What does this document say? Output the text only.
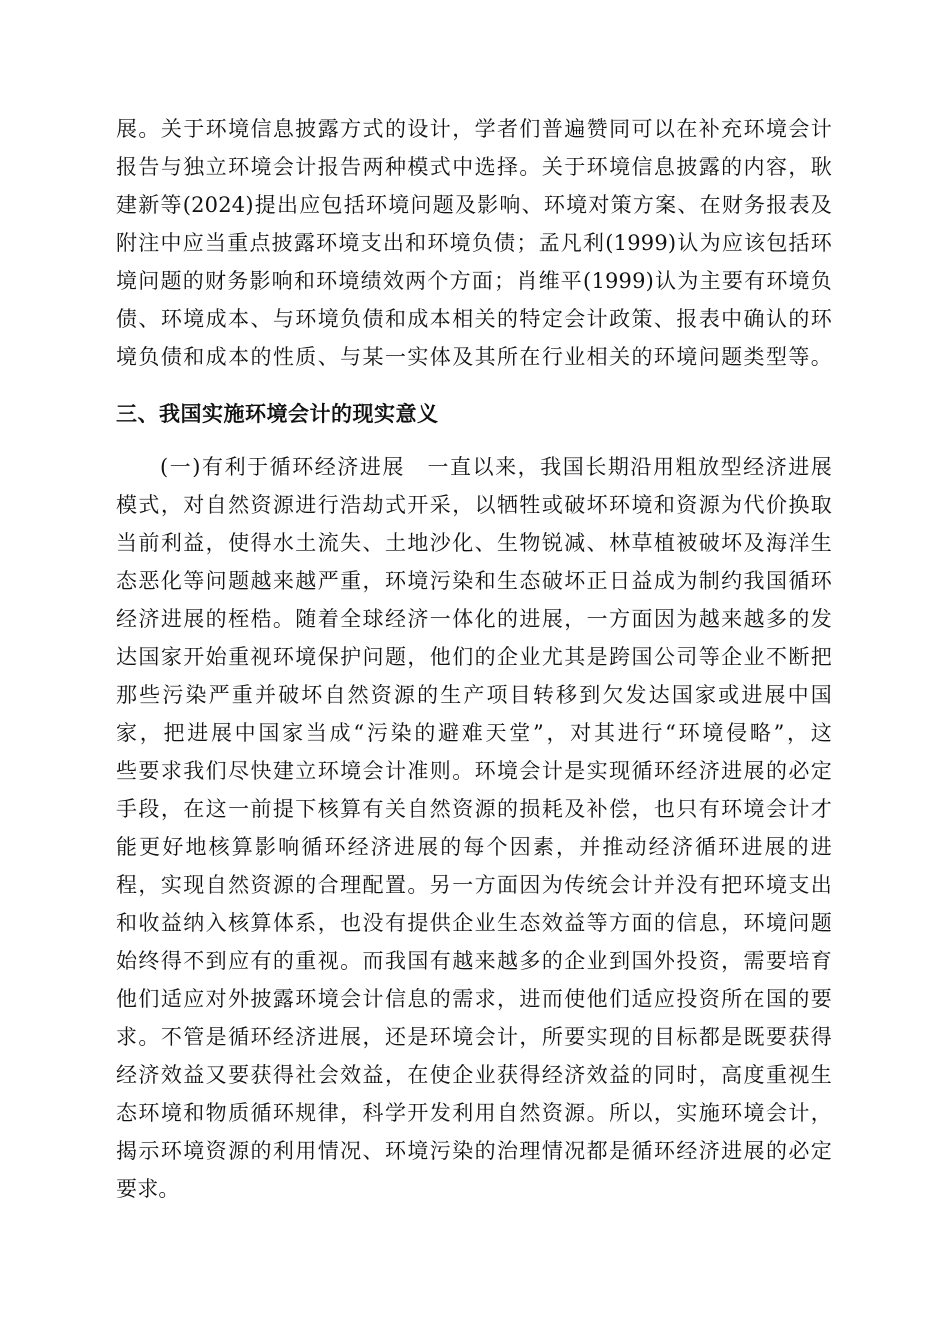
展。关于环境信息披露方式的设计，学者们普遍赞同可以在补充环境会计
报告与独立环境会计报告两种模式中选择。关于环境信息披露的内容，耿
建新等(2024)提出应包括环境问题及影响、环境对策方案、在财务报表及
附注中应当重点披露环境支出和环境负债；孟凡利(1999)认为应该包括环
境问题的财务影响和环境绩效两个方面；肖维平(1999)认为主要有环境负
债、环境成本、与环境负债和成本相关的特定会计政策、报表中确认的环
境负债和成本的性质、与某一实体及其所在行业相关的环境问题类型等。
三、我国实施环境会计的现实意义
(一)有利于循环经济进展　一直以来，我国长期沿用粗放型经济进展
模式，对自然资源进行浩劫式开采，以牺牲或破坏环境和资源为代价换取
当前利益，使得水土流失、土地沙化、生物锐减、林草植被破坏及海洋生
态恶化等问题越来越严重，环境污染和生态破坏正日益成为制约我国循环
经济进展的桎梏。随着全球经济一体化的进展，一方面因为越来越多的发
达国家开始重视环境保护问题，他们的企业尤其是跨国公司等企业不断把
那些污染严重并破坏自然资源的生产项目转移到欠发达国家或进展中国
家，把进展中国家当成“污染的避难天堂”，对其进行“环境侵略”，这
些要求我们尽快建立环境会计准则。环境会计是实现循环经济进展的必定
手段，在这一前提下核算有关自然资源的损耗及补偿，也只有环境会计才
能更好地核算影响循环经济进展的每个因素，并推动经济循环进展的进
程，实现自然资源的合理配置。另一方面因为传统会计并没有把环境支出
和收益纳入核算体系，也没有提供企业生态效益等方面的信息，环境问题
始终得不到应有的重视。而我国有越来越多的企业到国外投资，需要培育
他们适应对外披露环境会计信息的需求，进而使他们适应投资所在国的要
求。不管是循环经济进展，还是环境会计，所要实现的目标都是既要获得
经济效益又要获得社会效益，在使企业获得经济效益的同时，高度重视生
态环境和物质循环规律，科学开发利用自然资源。所以，实施环境会计，
揭示环境资源的利用情况、环境污染的治理情况都是循环经济进展的必定
要求。
